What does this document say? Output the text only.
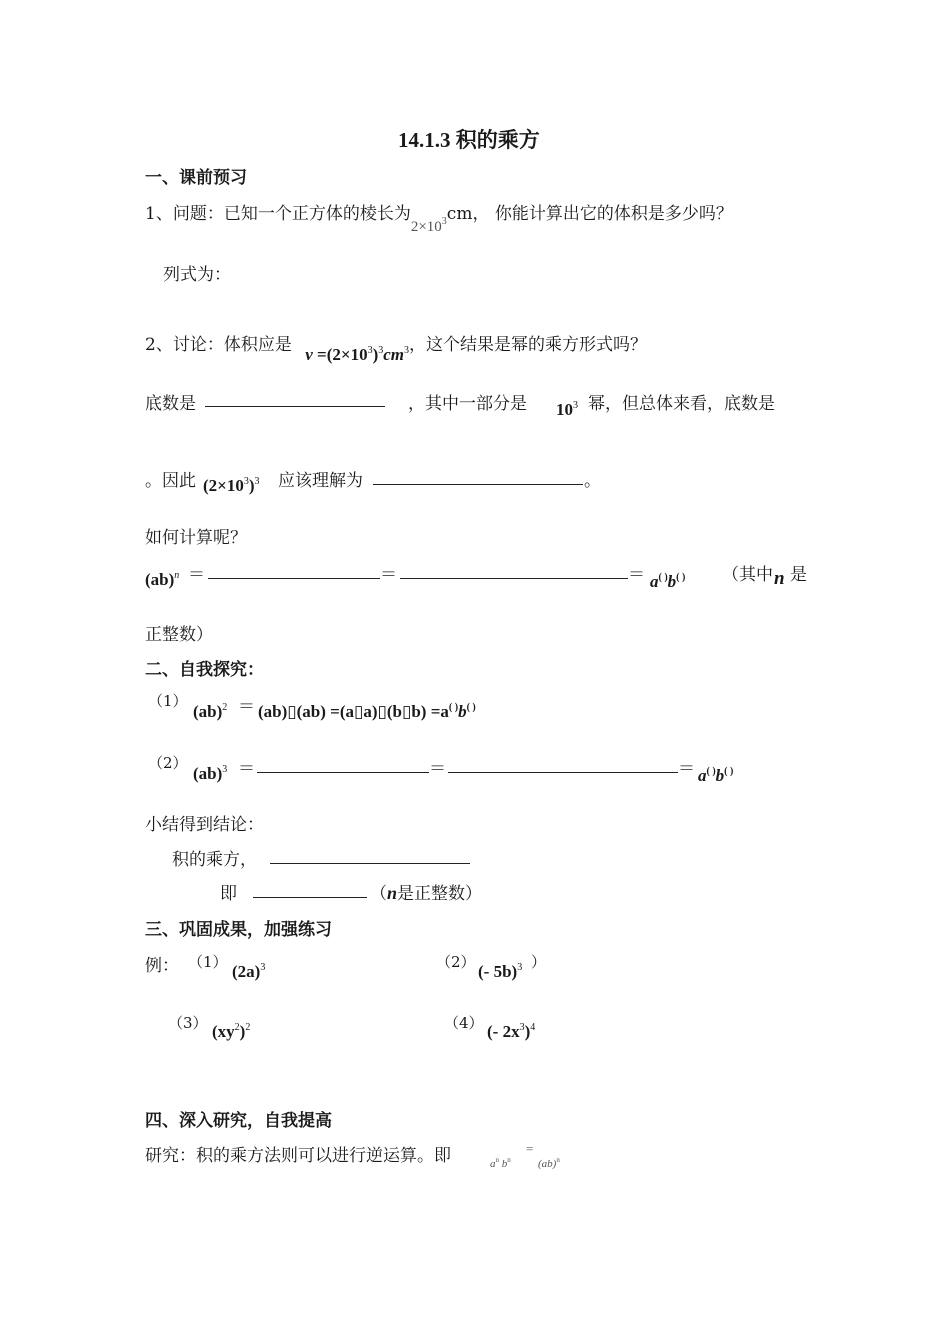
14.1.3 积的乘方
一、课前预习
1、问题：已知一个正方体的棱长为$2\times 10^3cm$， 你能计算出它的体积是多少吗？
列式为：
2、讨论：体积应是 $v =(2\times 10^3)^3cm^3$，这个结果是幂的乘方形式吗？
底数是	，其中一部分是 $10^3$ 幂，但总体来看，底数是
。因此 $(2\times 10^3)^3$ 应该理解为	。
如何计算呢？
(ab)$^n$ ＝	＝	＝ a( )b( ) （其中 n 是
正整数）
二、自我探究：
（1）
(ab)$^2$ ＝ (ab)▯(ab) =(a▯a)▯(b▯b) =a( )b( )
（2）
(ab)$^3$ ＝	＝	＝ a( )b( )
小结得到结论：
积的乘方，
即	（n是正整数）
三、巩固成果，加强练习
例： （1） $(2a)^3$	（2） (- 5b)$^3$ ）
（3） $(xy^2)^2$	（4） (- $2x^3)^4$
四、深入研究，自我提高
研究：积的乘方法则可以进行逆运算。即	$a^n$ $b^n$
=
(ab)$^n$
